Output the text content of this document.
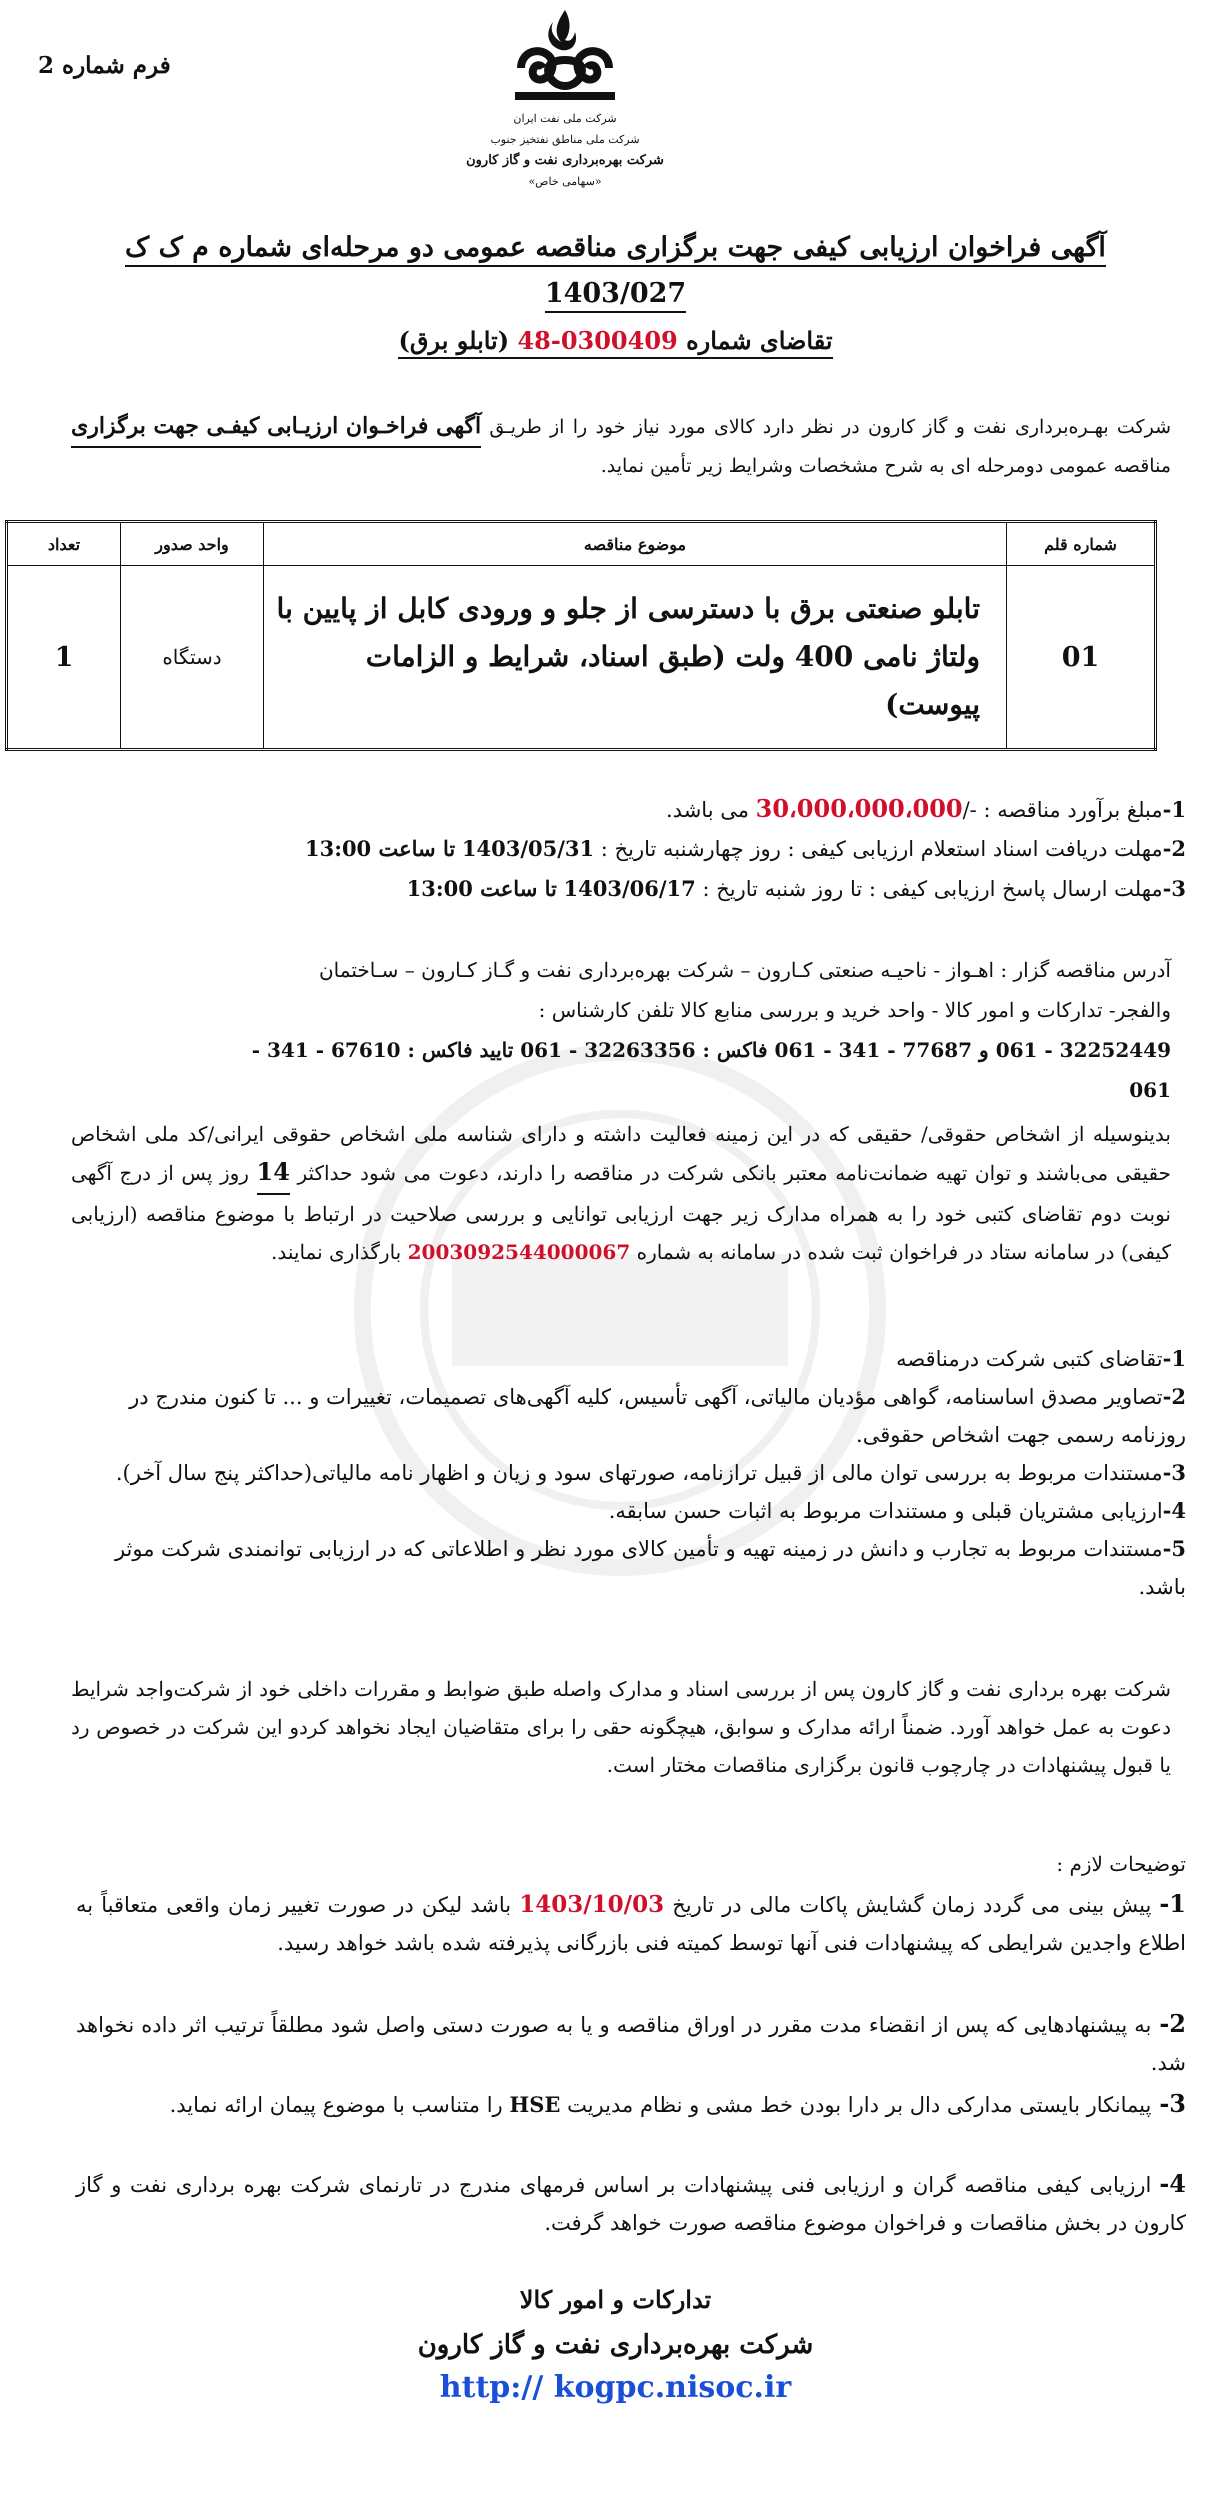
فرم شماره 2
شرکت ملی نفت ایران
شرکت ملی مناطق نفتخیز جنوب
شرکت بهره‌برداری نفت و گاز کارون
«سهامی خاص»
آگهی فراخوان ارزیابی کیفی جهت برگزاری مناقصه عمومی دو مرحله‌ای شماره م ک ک
1403/027
تقاضای شماره 0300409-48 (تابلو برق)
شرکت بهـره‌برداری نفت و گاز کارون در نظر دارد کالای مورد نیاز خود را از طریـق آگهی فراخـوان ارزیـابی کیفـی جهت برگزاری مناقصه عمومی دومرحله ای به شرح مشخصات وشرایط زیر تأمین نماید.
شماره قلم	موضوع مناقصه	واحد صدور	تعداد
01	تابلو صنعتی برق با دسترسی از جلو و ورودی کابل از پایین با ولتاژ نامی 400 ولت (طبق اسناد، شرایط و الزامات پیوست)	دستگاه	1
1-مبلغ برآورد مناقصه : -/30،000،000،000 می باشد.
2-مهلت دریافت اسناد استعلام ارزیابی کیفی : روز چهارشنبه تاریخ : 1403/05/31 تا ساعت 13:00
3-مهلت ارسال پاسخ ارزیابی کیفی : تا روز شنبه تاریخ : 1403/06/17 تا ساعت 13:00
آدرس مناقصه گزار : اهـواز - ناحیـه صنعتی کـارون – شرکت بهره‌برداری نفت و گـاز کـارون – سـاختمان
والفجر- تدارکات و امور کالا - واحد خرید و بررسی منابع کالا تلفن کارشناس :
32252449 - 061 و 77687 - 341 - 061 فاکس : 32263356 - 061 تایید فاکس : 67610 - 341 -
061
بدینوسیله از اشخاص حقوقی/ حقیقی که در این زمینه فعالیت داشته و دارای شناسه ملی اشخاص حقوقی ایرانی/کد ملی اشخاص حقیقی می‌باشند و توان تهیه ضمانت‌نامه معتبر بانکی شرکت در مناقصه را دارند، دعوت می شود حداکثر 14 روز پس از درج آگهی نوبت دوم تقاضای کتبی خود را به همراه مدارک زیر جهت ارزیابی توانایی و بررسی صلاحیت در ارتباط با موضوع مناقصه (ارزیابی کیفی) در سامانه ستاد در فراخوان ثبت شده در سامانه به شماره 2003092544000067 بارگذاری نمایند.
1-تقاضای کتبی شرکت درمناقصه
2-تصاویر مصدق اساسنامه، گواهی مؤدیان مالیاتی، آگهی تأسیس، کلیه آگهی‌های تصمیمات، تغییرات و ... تا کنون مندرج در روزنامه رسمی جهت اشخاص حقوقی.
3-مستندات مربوط به بررسی توان مالی از قبیل ترازنامه، صورتهای سود و زیان و اظهار نامه مالیاتی(حداکثر پنج سال آخر).
4-ارزیابی مشتریان قبلی و مستندات مربوط به اثبات حسن سابقه.
5-مستندات مربوط به تجارب و دانش در زمینه تهیه و تأمین کالای مورد نظر و اطلاعاتی که در ارزیابی توانمندی شرکت موثر باشد.
شرکت بهره برداری نفت و گاز کارون پس از بررسی اسناد و مدارک واصله طبق ضوابط و مقررات داخلی خود از شرکت‌واجد شرایط دعوت به عمل خواهد آورد. ضمناً ارائه مدارک و سوابق، هیچگونه حقی را برای متقاضیان ایجاد نخواهد کردو این شرکت در خصوص رد یا قبول پیشنهادات در چارچوب قانون برگزاری مناقصات مختار است.
توضیحات لازم :
1-پیش بینی می گردد زمان گشایش پاکات مالی در تاریخ 1403/10/03 باشد لیکن در صورت تغییر زمان واقعی متعاقباً به اطلاع واجدین شرایطی که پیشنهادات فنی آنها توسط کمیته فنی بازرگانی پذیرفته شده باشد خواهد رسید.
2-به پیشنهادهایی که پس از انقضاء مدت مقرر در اوراق مناقصه و یا به صورت دستی واصل شود مطلقاً ترتیب اثر داده نخواهد شد.
3-پیمانکار بایستی مدارکی دال بر دارا بودن خط مشی و نظام مدیریت HSE را متناسب با موضوع پیمان ارائه نماید.
4-ارزیابی کیفی مناقصه گران و ارزیابی فنی پیشنهادات بر اساس فرمهای مندرج در تارنمای شرکت بهره برداری نفت و گاز کارون در بخش مناقصات و فراخوان موضوع مناقصه صورت خواهد گرفت.
تدارکات و امور کالا
شرکت بهره‌برداری نفت و گاز کارون
http:// kogpc.nisoc.ir
